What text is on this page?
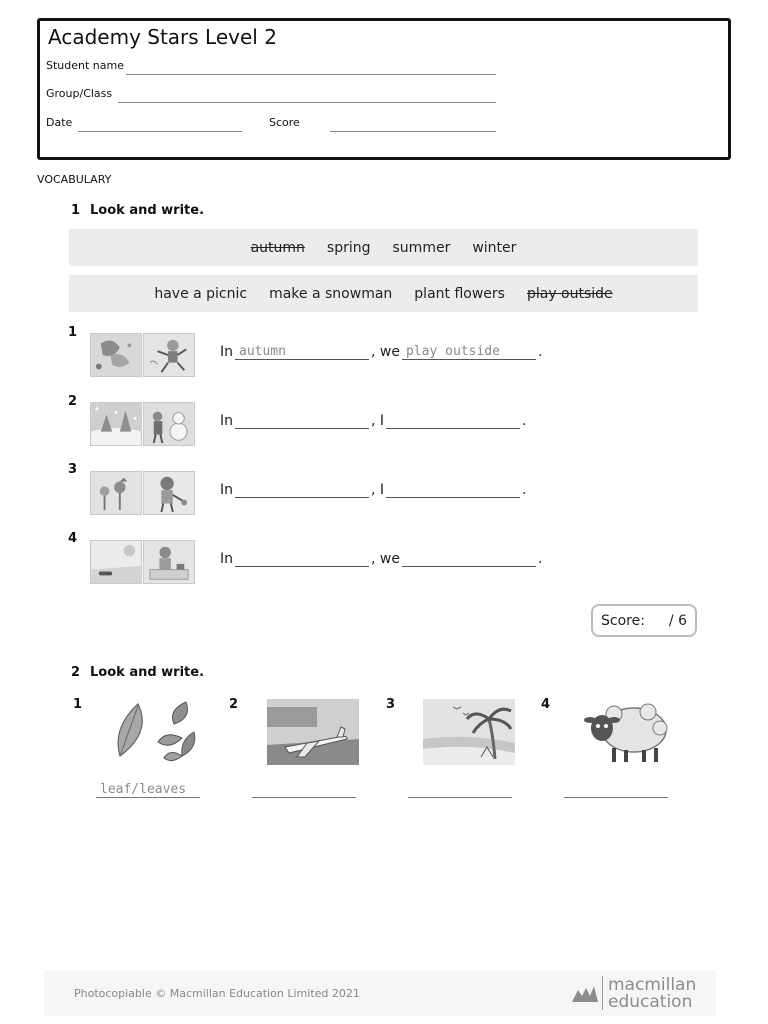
Academy Stars Level 2
Student name
Group/Class
Date	Score
VOCABULARY
1 Look and write.
autumn spring summer winter
have a picnic make a snowman plant flowers play outside
1
In autumn	, we play outside	.
2
In	, I	.
3
In	, I	.
4
In	, we	.
Score: / 6
2 Look and write.
1
leaf/leaves
2	3	4
Photocopiable © Macmillan Education Limited 2021	macmillan
education
